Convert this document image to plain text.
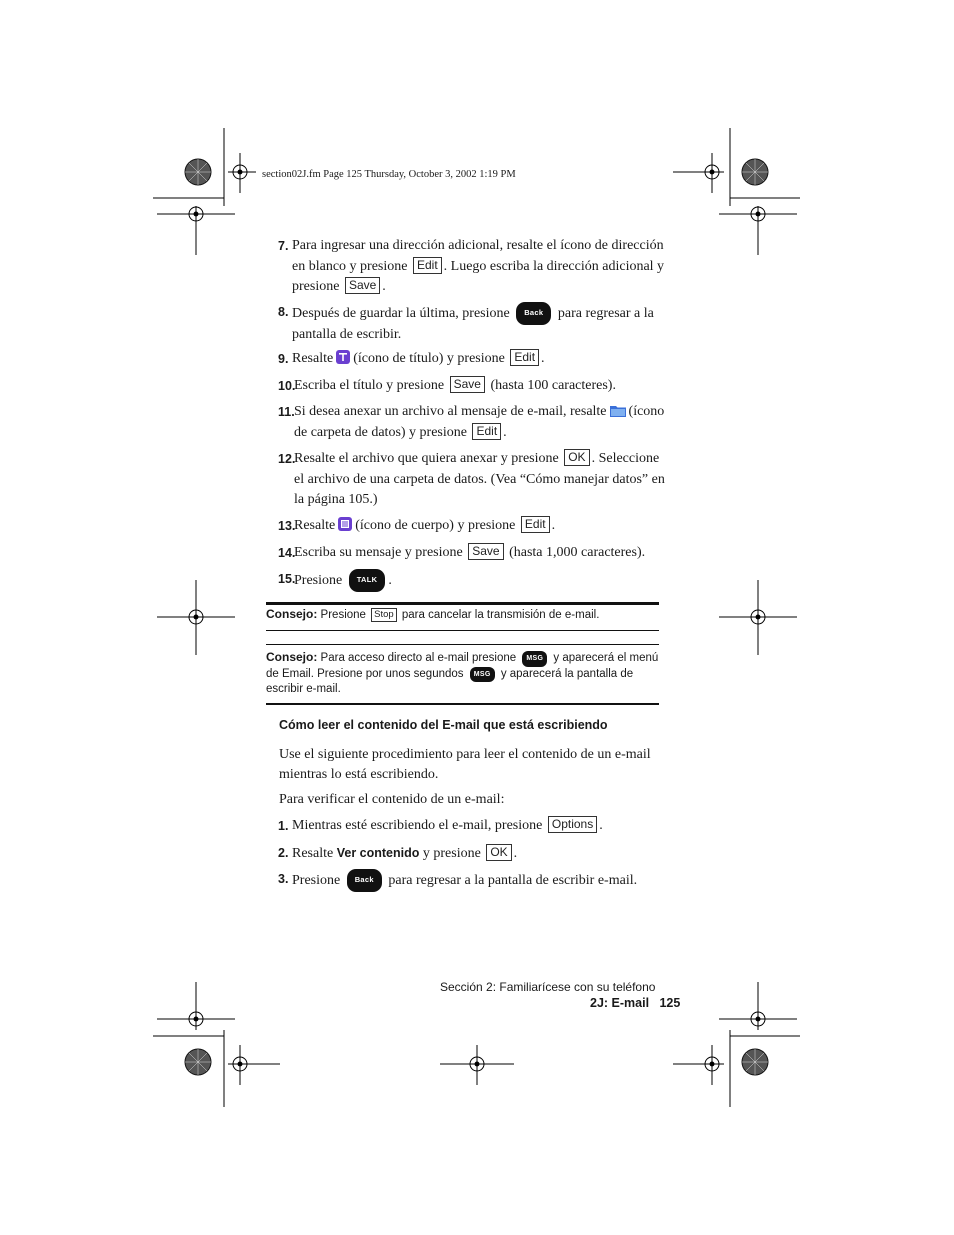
section02J.fm Page 125 Thursday, October 3, 2002 1:19 PM
7. Para ingresar una dirección adicional, resalte el ícono de dirección en blanco y presione Edit . Luego escriba la dirección adicional y presione Save .
8. Después de guardar la última, presione Back para regresar a la pantalla de escribir.
9. Resalte (ícono de título) y presione Edit .
10.
Escriba el título y presione Save (hasta 100 caracteres).
11. Si desea anexar un archivo al mensaje de e-mail, resalte (ícono de carpeta de datos) y presione Edit .
12.
Resalte el archivo que quiera anexar y presione OK . Seleccione el archivo de una carpeta de datos. (Vea “Cómo manejar datos” en la página 105.)
13.
Resalte (ícono de cuerpo) y presione Edit .
14.
Escriba su mensaje y presione Save (hasta 1,000 caracteres).
15.
Presione TALK .
Consejo: Presione Stop para cancelar la transmisión de e-mail.
Consejo: Para acceso directo al e-mail presione MSG y aparecerá el menú de Email. Presione por unos segundos MSG y aparecerá la pantalla de escribir e-mail.
Cómo leer el contenido del E-mail que está escribiendo
Use el siguiente procedimiento para leer el contenido de un e-mail mientras lo está escribiendo.
Para verificar el contenido de un e-mail:
1. Mientras esté escribiendo el e-mail, presione Options .
2. Resalte Ver contenido y presione OK .
3. Presione Back para regresar a la pantalla de escribir e-mail.
Sección 2: Familiarícese con su teléfono
2J: E-mail 125
